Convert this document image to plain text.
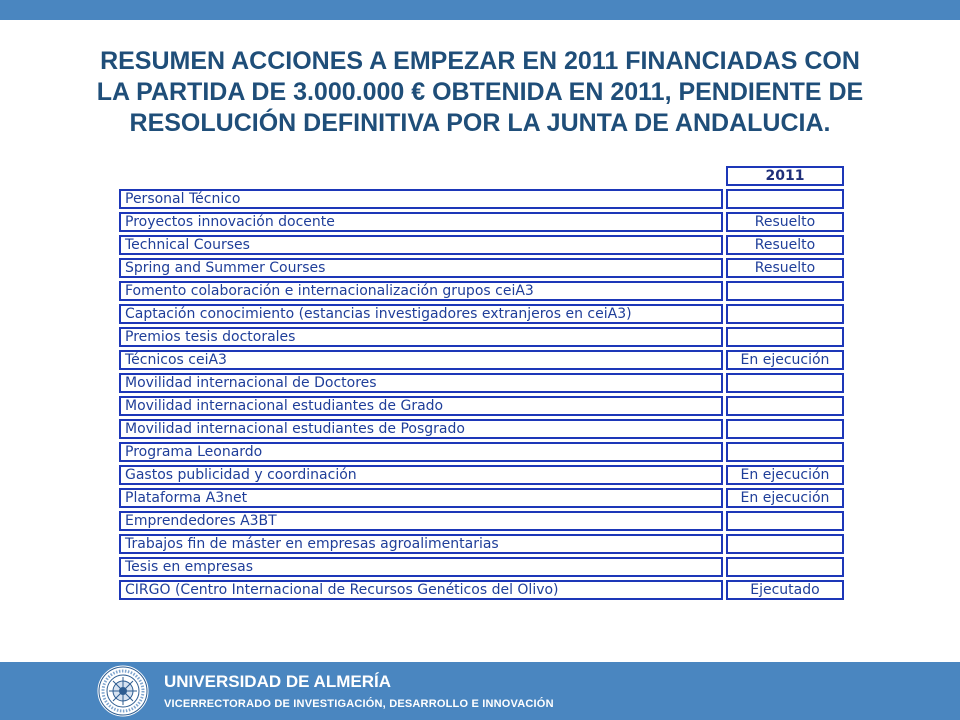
RESUMEN ACCIONES A EMPEZAR EN 2011 FINANCIADAS CON
LA PARTIDA DE 3.000.000 € OBTENIDA EN 2011, PENDIENTE DE
RESOLUCIÓN DEFINITIVA POR LA JUNTA DE ANDALUCIA.
		2011
Personal Técnico		
Proyectos innovación docente		Resuelto
Technical Courses		Resuelto
Spring and Summer Courses		Resuelto
Fomento colaboración e internacionalización grupos ceiA3		
Captación conocimiento (estancias investigadores extranjeros en ceiA3)		
Premios tesis doctorales		
Técnicos ceiA3		En ejecución
Movilidad internacional de Doctores		
Movilidad internacional estudiantes de Grado		
Movilidad internacional estudiantes de Posgrado		
Programa Leonardo		
Gastos publicidad y coordinación		En ejecución
Plataforma A3net		En ejecución
Emprendedores A3BT		
Trabajos fin de máster en empresas agroalimentarias		
Tesis en empresas		
CIRGO (Centro Internacional de Recursos Genéticos del Olivo)		Ejecutado
UNIVERSIDAD DE ALMERÍA
VICERRECTORADO DE INVESTIGACIÓN, DESARROLLO E INNOVACIÓN
